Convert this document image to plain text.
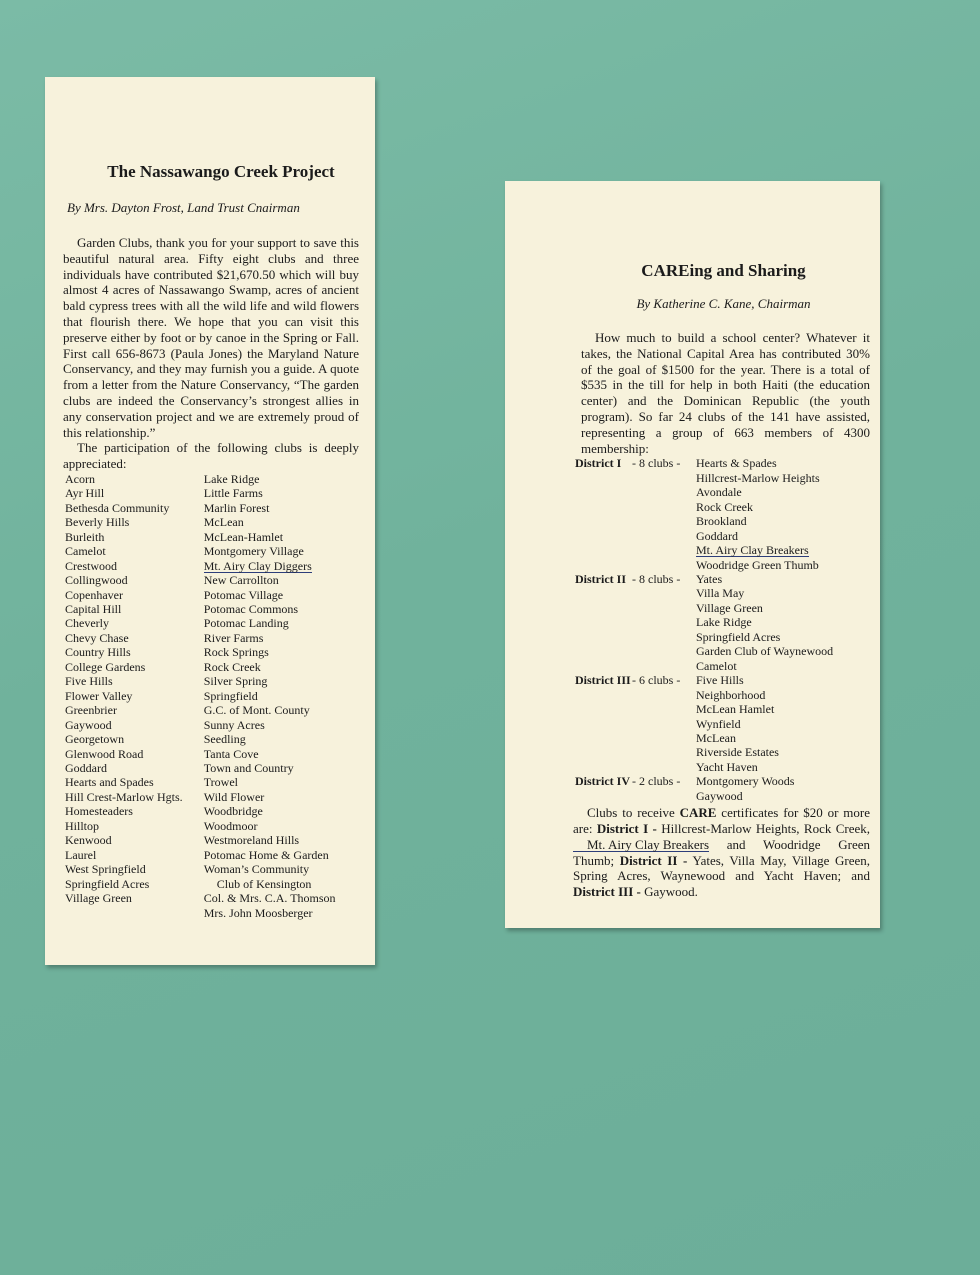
The Nassawango Creek Project

By Mrs. Dayton Frost, Land Trust Cnairman

Garden Clubs, thank you for your support to save this beautiful natural area. Fifty eight clubs and three individuals have contributed $21,670.50 which will buy almost 4 acres of Nassawango Swamp, acres of ancient bald cypress trees with all the wild life and wild flowers that flourish there. We hope that you can visit this preserve either by foot or by canoe in the Spring or Fall. First call 656-8673 (Paula Jones) the Maryland Nature Conservancy, and they may furnish you a guide. A quote from a letter from the Nature Conservancy, “The garden clubs are indeed the Conservancy’s strongest allies in any conservation project and we are extremely proud of this relationship.”

The participation of the following clubs is deeply appreciated:

Acorn
Ayr Hill
Bethesda Community
Beverly Hills
Burleith
Camelot
Crestwood
Collingwood
Copenhaver
Capital Hill
Cheverly
Chevy Chase
Country Hills
College Gardens
Five Hills
Flower Valley
Greenbrier
Gaywood
Georgetown
Glenwood Road
Goddard
Hearts and Spades
Hill Crest-Marlow Hgts.
Homesteaders
Hilltop
Kenwood
Laurel
West Springfield
Springfield Acres
Village Green
Lake Ridge
Little Farms
Marlin Forest
McLean
McLean-Hamlet
Montgomery Village
Mt. Airy Clay Diggers
New Carrollton
Potomac Village
Potomac Commons
Potomac Landing
River Farms
Rock Springs
Rock Creek
Silver Spring
Springfield
G.C. of Mont. County
Sunny Acres
Seedling
Tanta Cove
Town and Country
Trowel
Wild Flower
Woodbridge
Woodmoor
Westmoreland Hills
Potomac Home & Garden
Woman’s Community
Club of Kensington
Col. & Mrs. C.A. Thomson
Mrs. John Moosberger
CAREing and Sharing

By Katherine C. Kane, Chairman

How much to build a school center? Whatever it takes, the National Capital Area has contributed 30% of the goal of $1500 for the year. There is a total of $535 in the till for help in both Haiti (the education center) and the Dominican Republic (the youth program). So far 24 clubs of the 141 have assisted, representing a group of 663 members of 4300 membership:

District I - 8 clubs -	Hearts & Spades
Hillcrest-Marlow Heights
Avondale
Rock Creek
Brookland
Goddard
Mt. Airy Clay Breakers
Woodridge Green Thumb
District II - 8 clubs -	Yates
Villa May
Village Green
Lake Ridge
Springfield Acres
Garden Club of Waynewood
Camelot
District III - 6 clubs -	Five Hills
Neighborhood
McLean Hamlet
Wynfield
McLean
Riverside Estates
Yacht Haven
District IV - 2 clubs -	Montgomery Woods
Gaywood

Clubs to receive CARE certificates for $20 or more are: District I - Hillcrest-Marlow Heights, Rock Creek, Mt. Airy Clay Breakers and Woodridge Green Thumb; District II - Yates, Villa May, Village Green, Spring Acres, Waynewood and Yacht Haven; and District III - Gaywood.
